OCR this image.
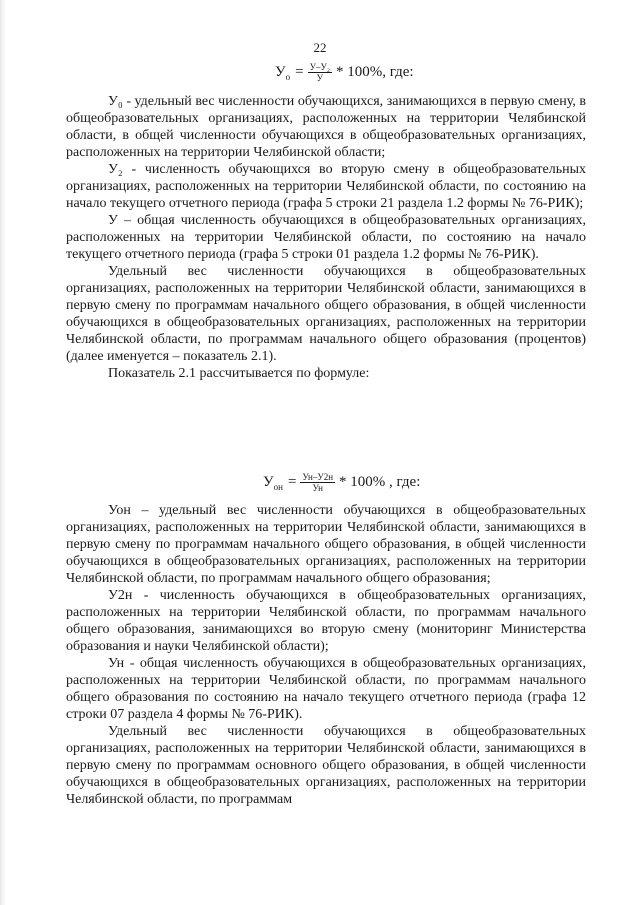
22
У $о = \frac{\text{У–У₂}}{У} * 100\%$, где:

У₀ - удельный вес численности обучающихся, занимающихся в первую смену, в общеобразовательных организациях, расположенных на территории Челябинской области, в общей численности обучающихся в общеобразовательных организациях, расположенных на территории Челябинской области;

У₂ - численность обучающихся во вторую смену в общеобразовательных организациях, расположенных на территории Челябинской области, по состоянию на начало текущего отчетного периода (графа 5 строки 21 раздела 1.2 формы № 76-РИК);

У – общая численность обучающихся в общеобразовательных организациях, расположенных на территории Челябинской области, по состоянию на начало текущего отчетного периода (графа 5 строки 01 раздела 1.2 формы № 76-РИК).

Удельный вес численности обучающихся в общеобразовательных организациях, расположенных на территории Челябинской области, занимающихся в первую смену по программам начального общего образования, в общей численности обучающихся в общеобразовательных организациях, расположенных на территории Челябинской области, по программам начального общего образования (процентов) (далее именуется – показатель 2.1).

Показатель 2.1 рассчитывается по формуле:

У он = $\frac{Ун-У2н}{Ун} * 100\%$ , где:

Уон – удельный вес численности обучающихся в общеобразовательных организациях, расположенных на территории Челябинской области, занимающихся в первую смену по программам начального общего образования, в общей численности обучающихся в общеобразовательных организациях, расположенных на территории Челябинской области, по программам начального общего образования;

У2н - численность обучающихся в общеобразовательных организациях, расположенных на территории Челябинской области, по программам начального общего образования, занимающихся во вторую смену (мониторинг Министерства образования и науки Челябинской области);

Ун - общая численность обучающихся в общеобразовательных организациях, расположенных на территории Челябинской области, по программам начального общего образования по состоянию на начало текущего отчетного периода (графа 12 строки 07 раздела 4 формы № 76-РИК).

Удельный вес численности обучающихся в общеобразовательных организациях, расположенных на территории Челябинской области, занимающихся в первую смену по программам основного общего образования, в общей численности обучающихся в общеобразовательных организациях, расположенных на территории Челябинской области, по программам
